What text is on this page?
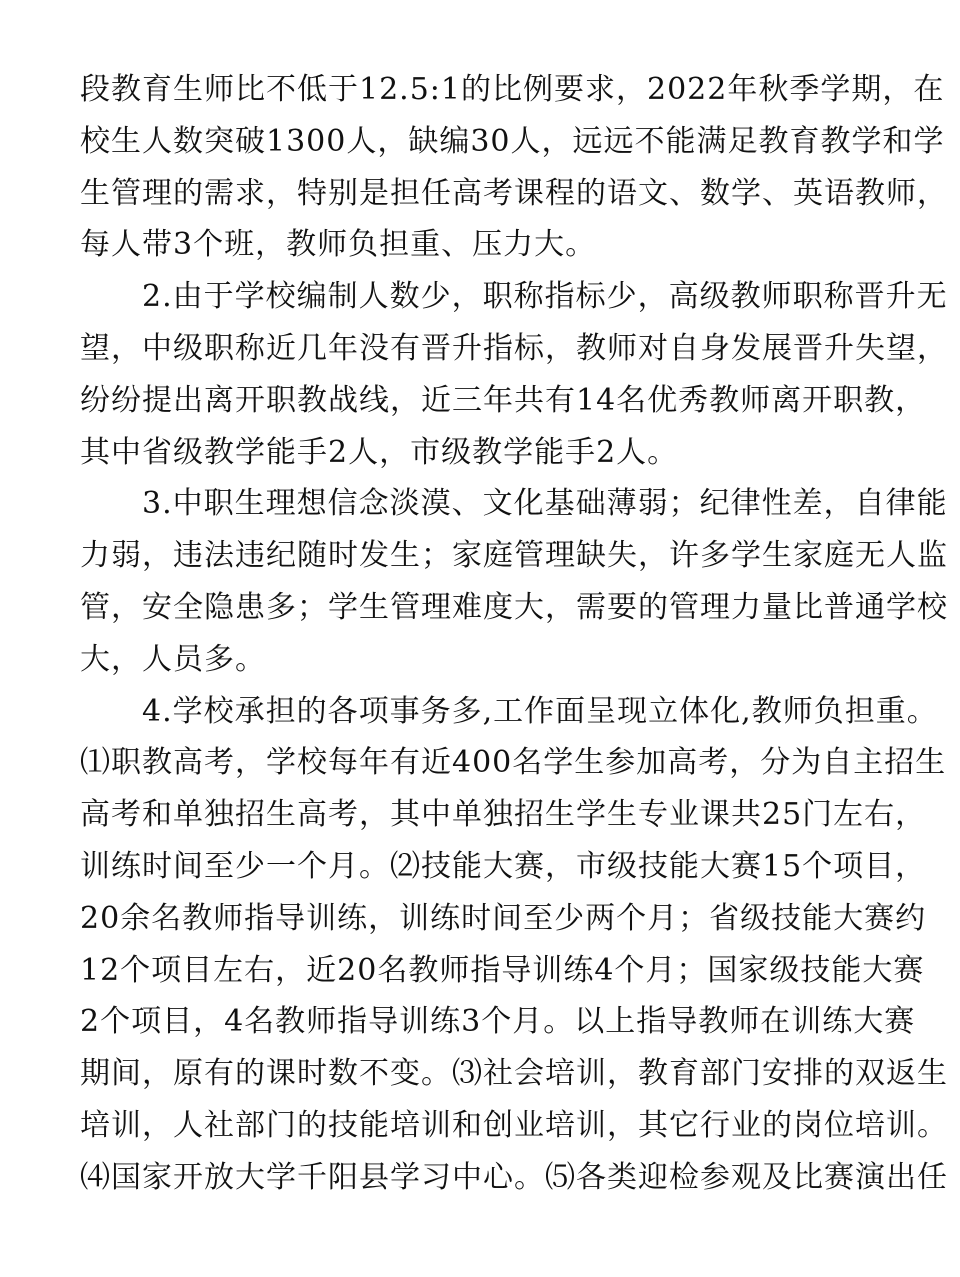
段教育生师比不低于12.5:1的比例要求，2022年秋季学期，在
校生人数突破1300人，缺编30人，远远不能满足教育教学和学
生管理的需求，特别是担任高考课程的语文、数学、英语教师，
每人带3个班，教师负担重、压力大。
2.由于学校编制人数少，职称指标少，高级教师职称晋升无
望，中级职称近几年没有晋升指标，教师对自身发展晋升失望，
纷纷提出离开职教战线，近三年共有14名优秀教师离开职教，
其中省级教学能手2人，市级教学能手2人。
3.中职生理想信念淡漠、文化基础薄弱；纪律性差，自律能
力弱，违法违纪随时发生；家庭管理缺失，许多学生家庭无人监
管，安全隐患多；学生管理难度大，需要的管理力量比普通学校
大，人员多。
4.学校承担的各项事务多,工作面呈现立体化,教师负担重。
⑴职教高考，学校每年有近400名学生参加高考，分为自主招生
高考和单独招生高考，其中单独招生学生专业课共25门左右，
训练时间至少一个月。⑵技能大赛，市级技能大赛15个项目，
20余名教师指导训练，训练时间至少两个月；省级技能大赛约
12个项目左右，近20名教师指导训练4个月；国家级技能大赛
2个项目，4名教师指导训练3个月。以上指导教师在训练大赛
期间，原有的课时数不变。⑶社会培训，教育部门安排的双返生
培训，人社部门的技能培训和创业培训，其它行业的岗位培训。
⑷国家开放大学千阳县学习中心。⑸各类迎检参观及比赛演出任
